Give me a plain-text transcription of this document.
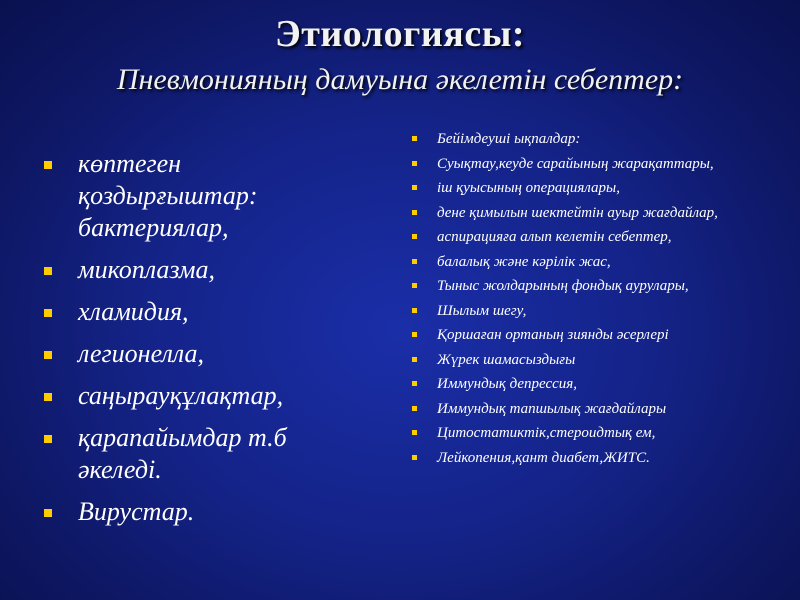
Этиологиясы:
Пневмонияның дамуына әкелетін себептер:
көптеген қоздырғыштар: бактериялар,
микоплазма,
хламидия,
легионелла,
саңырауқұлақтар,
қарапайымдар т.б әкеледі.
Вирустар.
Бейімдеуші ықпалдар:
Суықтау,кеуде сарайының жарақаттары,
іш қуысының операциялары,
дене қимылын шектейтін ауыр жағдайлар,
аспирацияға алып келетін себептер,
балалық және кәрілік жас,
Тыныс жолдарының фондық аурулары,
Шылым шегу,
Қоршаған ортаның зиянды әсерлері
Жүрек шамасыздығы
Иммундық депрессия,
Иммундық тапшылық жағдайлары
Цитостатиктік,стероидтық ем,
Лейкопения,қант диабет,ЖИТС.
